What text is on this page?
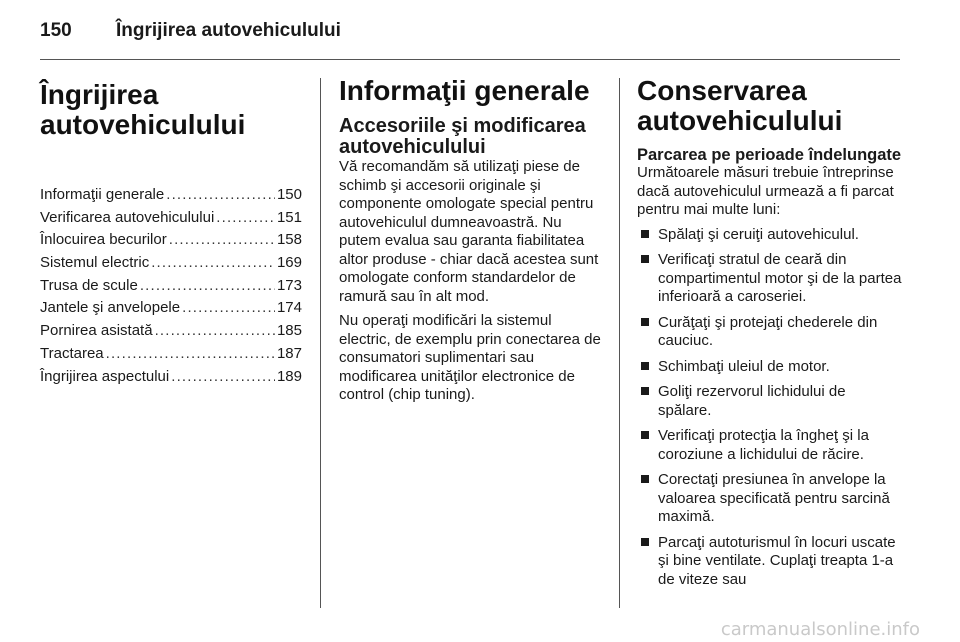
150 Îngrijirea autovehiculului
Îngrijirea autovehiculului
Informaţii generale . . .	150
Verificarea autovehiculului . . .	151
Înlocuirea becurilor . . .	158
Sistemul electric . . .	169
Trusa de scule . . .	173
Jantele şi anvelopele . . .	174
Pornirea asistată . . .	185
Tractarea . . .	187
Îngrijirea aspectului . . .	189
Informaţii generale
Accesoriile şi modificarea autovehiculului

Vă recomandăm să utilizaţi piese de schimb şi accesorii originale şi componente omologate special pentru autovehiculul dumneavoastră. Nu putem evalua sau garanta fiabilitatea altor produse - chiar dacă acestea sunt omologate conform standardelor de ramură sau în alt mod.

Nu operaţi modificări la sistemul electric, de exemplu prin conectarea de consumatori suplimentari sau modificarea unităţilor electronice de control (chip tuning).

Conservarea autovehiculului
Parcarea pe perioade îndelungate

Următoarele măsuri trebuie întreprinse dacă autovehiculul urmează a fi parcat pentru mai multe luni:

Spălaţi şi ceruiţi autovehiculul.
Verificaţi stratul de ceară din compartimentul motor şi de la partea inferioară a caroseriei.
Curăţaţi şi protejaţi chederele din cauciuc.
Schimbaţi uleiul de motor.
Goliţi rezervorul lichidului de spălare.
Verificaţi protecţia la îngheţ şi la coroziune a lichidului de răcire.
Corectaţi presiunea în anvelope la valoarea specificată pentru sarcină maximă.
Parcaţi autoturismul în locuri uscate şi bine ventilate. Cuplaţi treapta 1-a de viteze sau
carmanualsonline.info
